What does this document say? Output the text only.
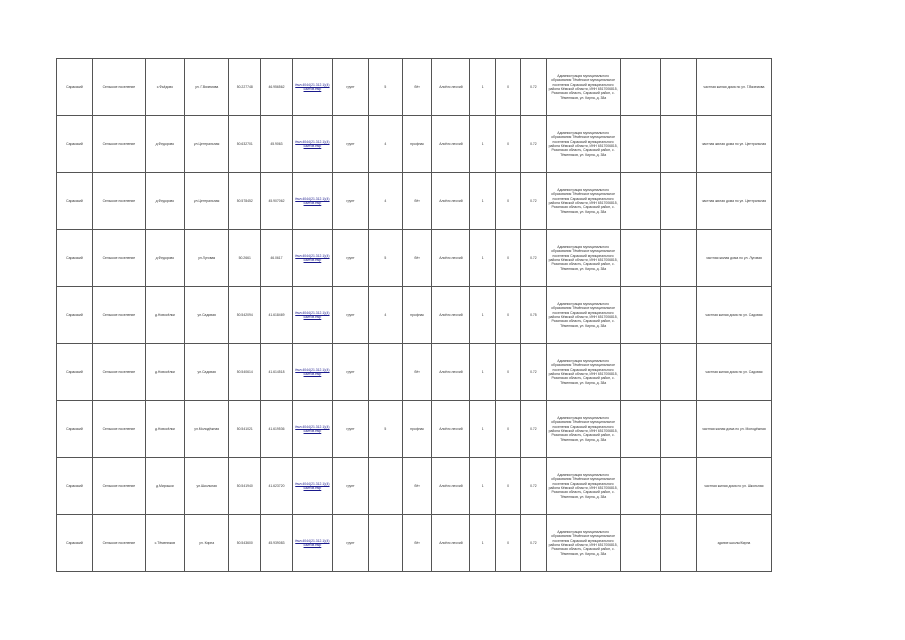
Саракский	Сельское поселение	с.Фьёдово	ул. Г.Вяземова	50.227748	46.956562	ёмл.4044(21.312.1)(4) сайтов.ёмр	грунт	5	бёт	Алсёлс.несхий	1	0	0.72	Администрация муниципального образования Тёмёнское муниципальное поселения Саракский муниципального района Кёмской области, ИНН 6517006815, Рязанская область, Саракский район, с. Тёменюков, ул. Кирпа, д. 38а			частная жилая дома по ул. Г.Вяземова
Саракский	Сельское поселение	д.Федорово	ул.Центральная	50.632701	45.9063	ёмл.4044(21.312.1)(4) сайтов.ёмр	грунт	4	профнас	Алсёлс.несхий	1	0	0.72	Администрация муниципального образования Тёмёнское муниципальное поселения Саракский муниципального района Кёмской области, ИНН 6517006815, Рязанская область, Саракский район, с. Тёменюков, ул. Кирпа, д. 38а			частная жилая дома по ул. Центральная
Саракский	Сельское поселение	д.Федорово	ул.Центральная	50.578452	45.907062	ёмл.4044(21.312.1)(4) сайтов.ёмр	грунт	4	бёт	Алсёлс.несхий	1	0	0.72	Администрация муниципального образования Тёмёнское муниципальное поселения Саракский муниципального района Кёмской области, ИНН 6517006815, Рязанская область, Саракский район, с. Тёменюков, ул. Кирпа, д. 38а			частная жилая дома по ул. Центральная
Саракский	Сельское поселение	д.Федорово	ул.Луговая	50.2661	46.0617	ёмл.4044(21.312.1)(4) сайтов.ёмр	грунт	5	бёт	Алсёлс.несхий	1	0	0.72	Администрация муниципального образования Тёмёнское муниципальное поселения Саракский муниципального района Кёмской области, ИНН 6517006815, Рязанская область, Саракский район, с. Тёменюков, ул. Кирпа, д. 38а			частная жилая дома по ул. Луговая
Саракский	Сельское поселение	д.Новосёлки	ул.Садовая	50.542094	41.618469	ёмл.4044(21.312.1)(4) сайтов.ёмр	грунт	4	профнас	Алсёлс.несхий	1	0	0.75	Администрация муниципального образования Тёмёнское муниципальное поселения Саракский муниципального района Кёмской области, ИНН 6517006815, Рязанская область, Саракский район, с. Тёменюков, ул. Кирпа, д. 38а			частная жилая дома по ул. Садовая
Саракский	Сельское поселение	д.Новосёлки	ул.Садовая	50.540614	41.614518	ёмл.4044(21.312.1)(4) сайтов.ёмр	грунт		бёт	Алсёлс.несхий	1	0	0.72	Администрация муниципального образования Тёмёнское муниципальное поселения Саракский муниципального района Кёмской области, ИНН 6517006815, Рязанская область, Саракский район, с. Тёменюков, ул. Кирпа, д. 38а			частная жилая дома по ул. Садовая
Саракский	Сельское поселение	д.Новосёлки	ул.Молодёжная	50.541021	41.619536	ёмл.4044(21.312.1)(4) сайтов.ёмр	грунт	5	профнас	Алсёлс.несхий	1	0	0.72	Администрация муниципального образования Тёмёнское муниципальное поселения Саракский муниципального района Кёмской области, ИНН 6517006815, Рязанская область, Саракский район, с. Тёменюков, ул. Кирпа, д. 38а			частная жилая дома по ул. Молодёжная
Саракский	Сельское поселение	д.Мирошки	ул.Школьная	50.541940	41.623720	ёмл.4044(21.312.1)(4) сайтов.ёмр	грунт		бёт	Алсёлс.несхий	1	0	0.72	Администрация муниципального образования Тёмёнское муниципальное поселения Саракский муниципального района Кёмской области, ИНН 6517006815, Рязанская область, Саракский район, с. Тёменюков, ул. Кирпа, д. 38а			частная жилая дома по ул. Школьная
Саракский	Сельское поселение	с.Тёменюков	ул. Кирпа	50.543600	45.939083	ёмл.4044(21.312.1)(4) сайтов.ёмр	грунт		бёт	Алсёлс.несхий	1	0	0.72	Администрация муниципального образования Тёмёнское муниципальное поселения Саракский муниципального района Кёмской области, ИНН 6517006815, Рязанская область, Саракский район, с. Тёменюков, ул. Кирпа, д. 38а			здание школы/Кирпа
